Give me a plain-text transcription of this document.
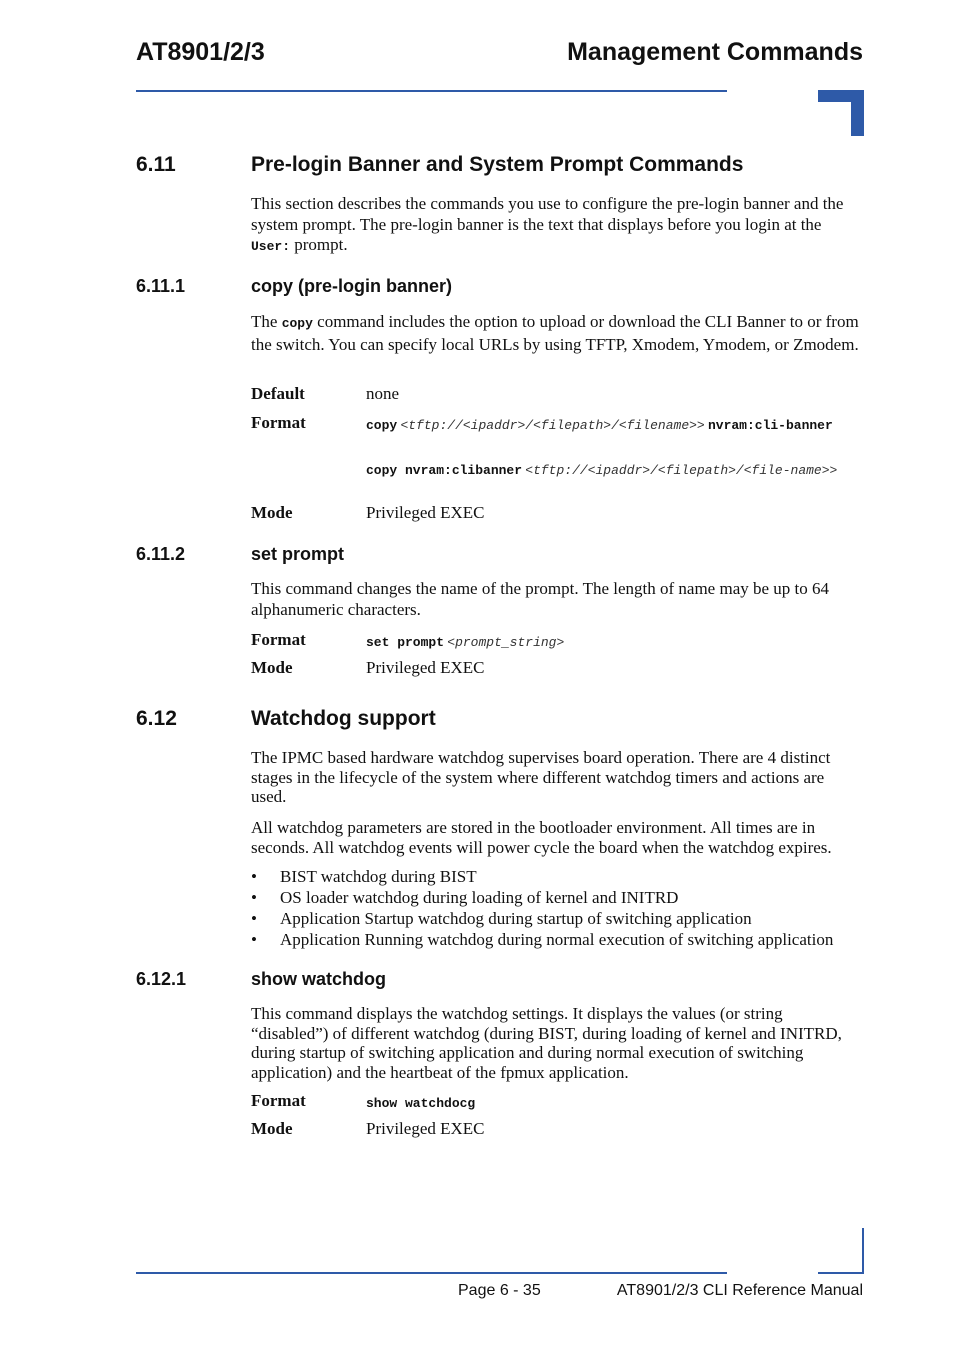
AT8901/2/3	Management Commands
6.11	Pre-login Banner and System Prompt Commands
This section describes the commands you use to configure the pre-login banner and the system prompt. The pre-login banner is the text that displays before you login at the User: prompt.
6.11.1	copy (pre-login banner)
The copy command includes the option to upload or download the CLI Banner to or from the switch. You can specify local URLs by using TFTP, Xmodem, Ymodem, or Zmodem.
Default	none
Format	copy <tftp://<ipaddr>/<filepath>/<filename>> nvram:cli-banner
copy nvram:clibanner <tftp://<ipaddr>/<filepath>/<file-name>>
Mode	Privileged EXEC
6.11.2	set prompt
This command changes the name of the prompt. The length of name may be up to 64 alphanumeric characters.
Format	set prompt <prompt_string>
Mode	Privileged EXEC
6.12	Watchdog support
The IPMC based hardware watchdog supervises board operation. There are 4 distinct stages in the lifecycle of the system where different watchdog timers and actions are used.
All watchdog parameters are stored in the bootloader environment. All times are in seconds. All watchdog events will power cycle the board when the watchdog expires.
• BIST watchdog during BIST
• OS loader watchdog during loading of kernel and INITRD
• Application Startup watchdog during startup of switching application
• Application Running watchdog during normal execution of switching application
6.12.1	show watchdog
This command displays the watchdog settings. It displays the values (or string “disabled”) of different watchdog (during BIST, during loading of kernel and INITRD, during startup of switching application and during normal execution of switching application) and the heartbeat of the fpmux application.
Format	show watchdocg
Mode	Privileged EXEC
Page 6 - 35	AT8901/2/3 CLI Reference Manual
